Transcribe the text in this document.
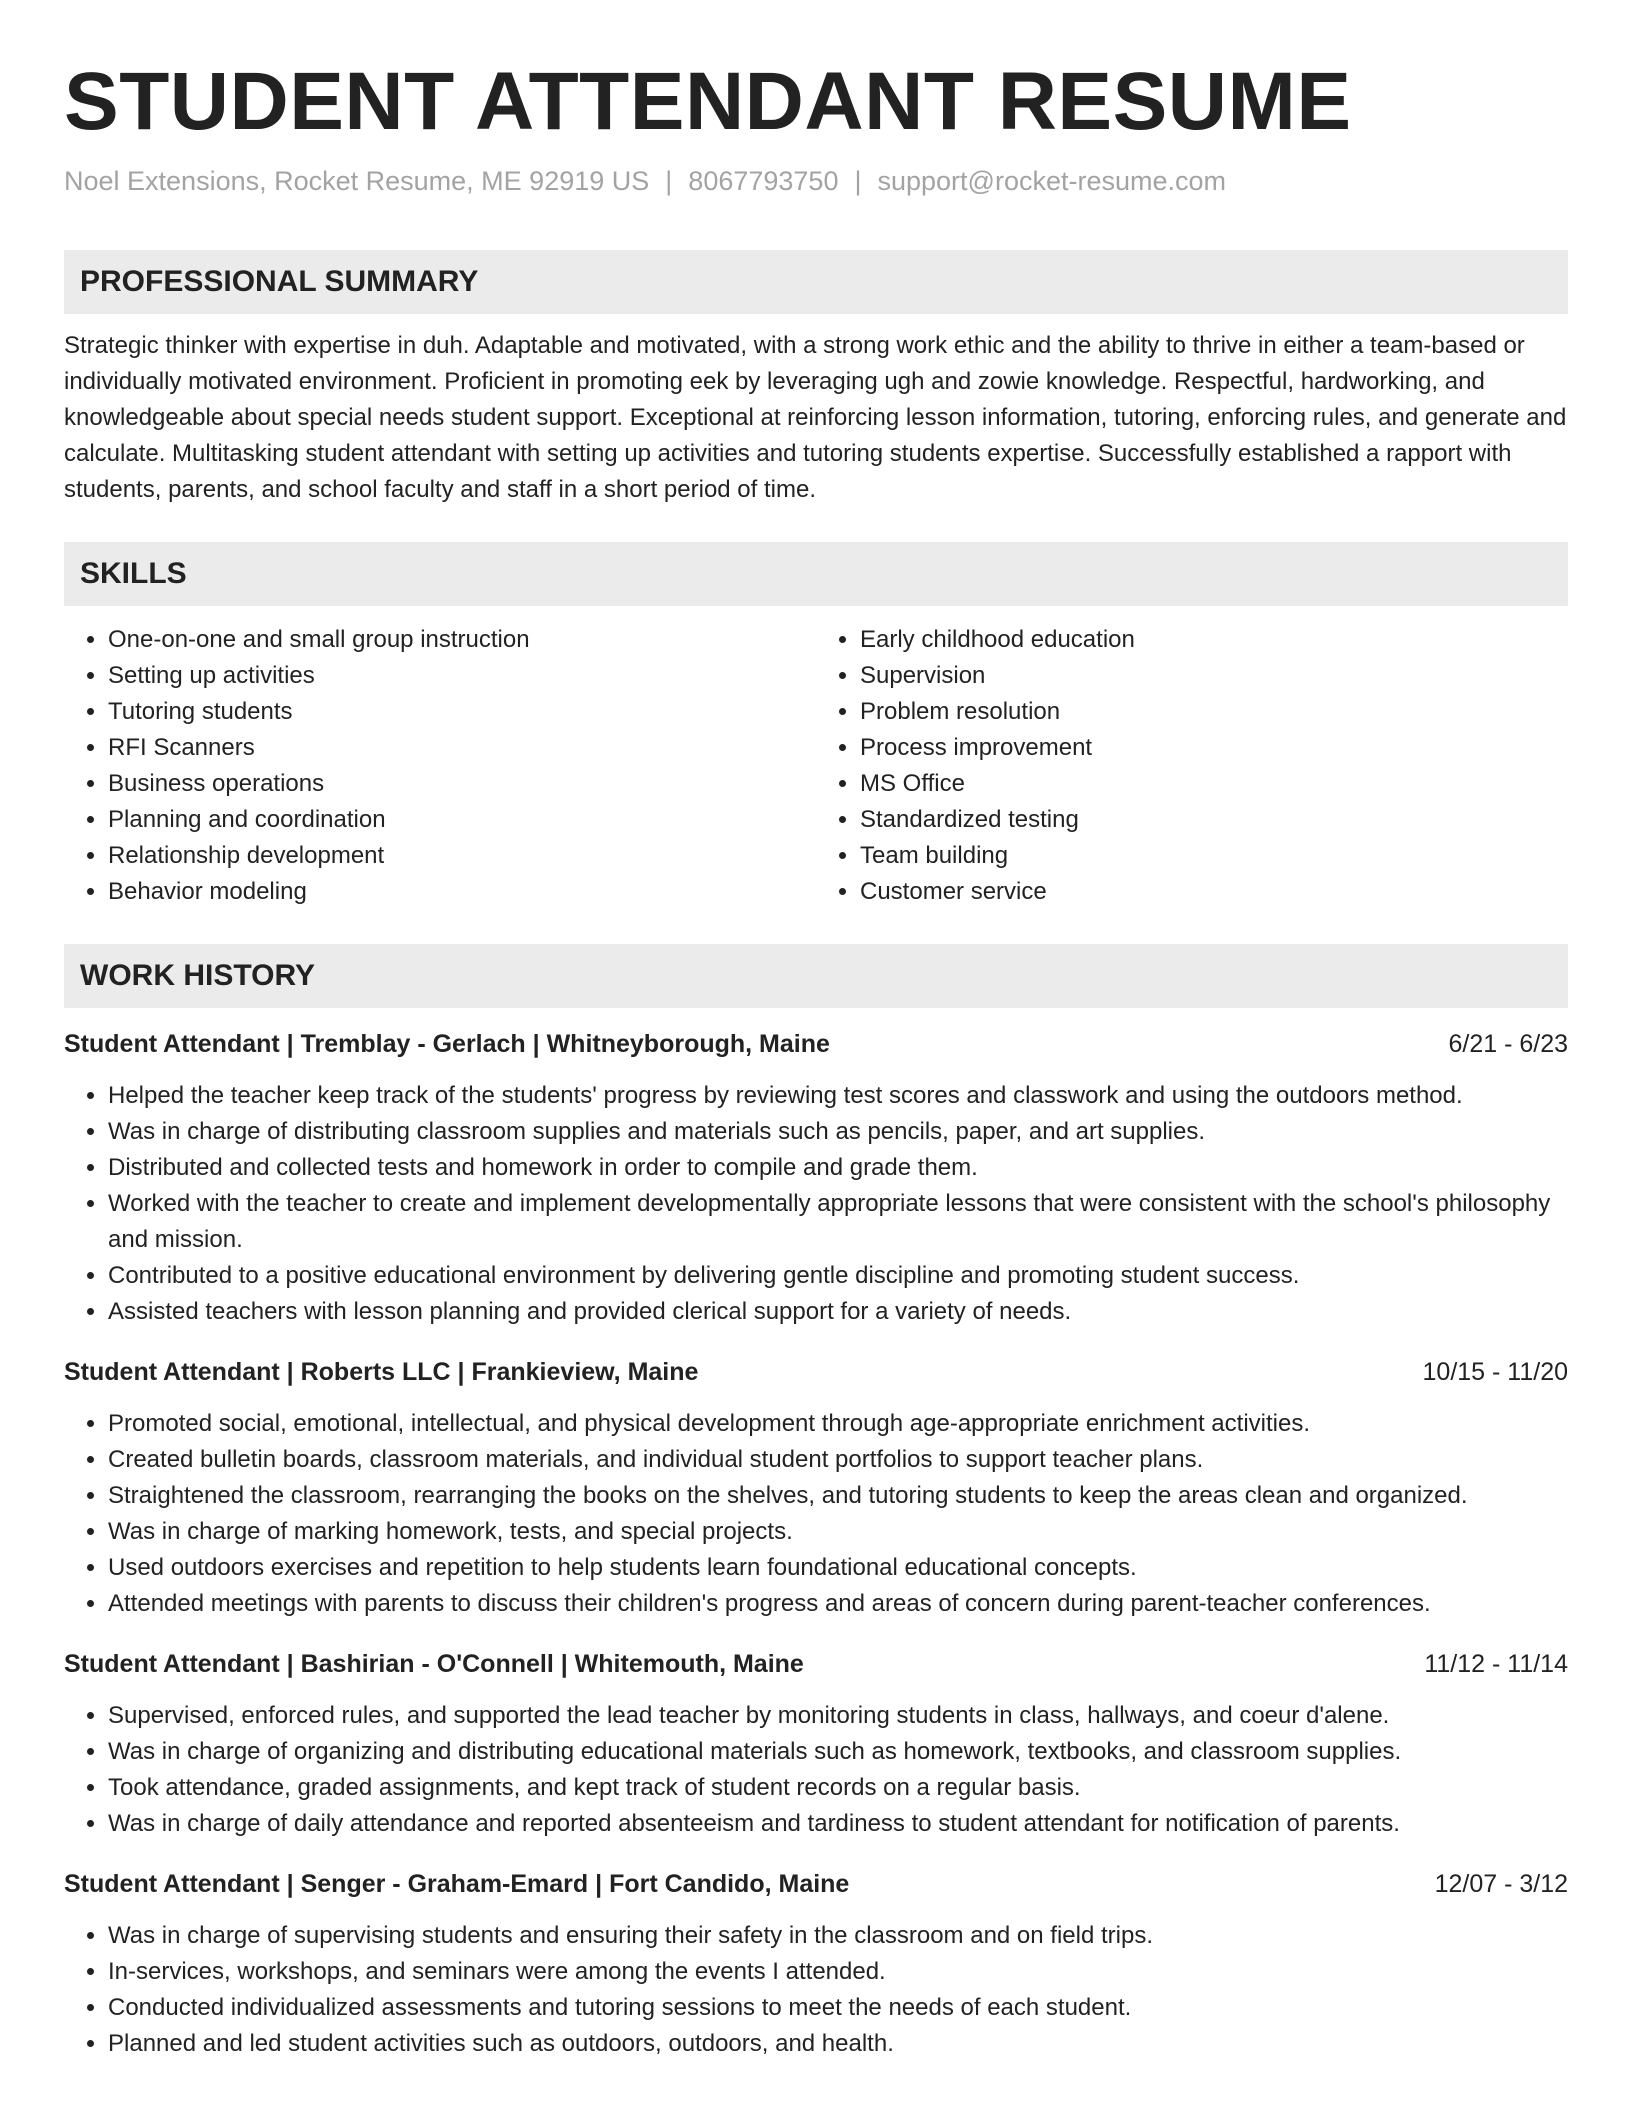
STUDENT ATTENDANT RESUME
Noel Extensions, Rocket Resume, ME 92919 US | 8067793750 | support@rocket-resume.com
PROFESSIONAL SUMMARY

Strategic thinker with expertise in duh. Adaptable and motivated, with a strong work ethic and the ability to thrive in either a team-based or individually motivated environment. Proficient in promoting eek by leveraging ugh and zowie knowledge. Respectful, hardworking, and knowledgeable about special needs student support. Exceptional at reinforcing lesson information, tutoring, enforcing rules, and generate and calculate. Multitasking student attendant with setting up activities and tutoring students expertise. Successfully established a rapport with students, parents, and school faculty and staff in a short period of time.

SKILLS
• One-on-one and small group instruction
• Setting up activities
• Tutoring students
• RFI Scanners
• Business operations
• Planning and coordination
• Relationship development
• Behavior modeling
• Early childhood education
• Supervision
• Problem resolution
• Process improvement
• MS Office
• Standardized testing
• Team building
• Customer service
WORK HISTORY
Student Attendant | Tremblay - Gerlach | Whitneyborough, Maine	6/21 - 6/23
• Helped the teacher keep track of the students' progress by reviewing test scores and classwork and using the outdoors method.
• Was in charge of distributing classroom supplies and materials such as pencils, paper, and art supplies.
• Distributed and collected tests and homework in order to compile and grade them.
• Worked with the teacher to create and implement developmentally appropriate lessons that were consistent with the school's philosophy and mission.
• Contributed to a positive educational environment by delivering gentle discipline and promoting student success.
• Assisted teachers with lesson planning and provided clerical support for a variety of needs.
Student Attendant | Roberts LLC | Frankieview, Maine	10/15 - 11/20
• Promoted social, emotional, intellectual, and physical development through age-appropriate enrichment activities.
• Created bulletin boards, classroom materials, and individual student portfolios to support teacher plans.
• Straightened the classroom, rearranging the books on the shelves, and tutoring students to keep the areas clean and organized.
• Was in charge of marking homework, tests, and special projects.
• Used outdoors exercises and repetition to help students learn foundational educational concepts.
• Attended meetings with parents to discuss their children's progress and areas of concern during parent-teacher conferences.
Student Attendant | Bashirian - O'Connell | Whitemouth, Maine	11/12 - 11/14
• Supervised, enforced rules, and supported the lead teacher by monitoring students in class, hallways, and coeur d'alene.
• Was in charge of organizing and distributing educational materials such as homework, textbooks, and classroom supplies.
• Took attendance, graded assignments, and kept track of student records on a regular basis.
• Was in charge of daily attendance and reported absenteeism and tardiness to student attendant for notification of parents.
Student Attendant | Senger - Graham-Emard | Fort Candido, Maine	12/07 - 3/12
• Was in charge of supervising students and ensuring their safety in the classroom and on field trips.
• In-services, workshops, and seminars were among the events I attended.
• Conducted individualized assessments and tutoring sessions to meet the needs of each student.
• Planned and led student activities such as outdoors, outdoors, and health.
